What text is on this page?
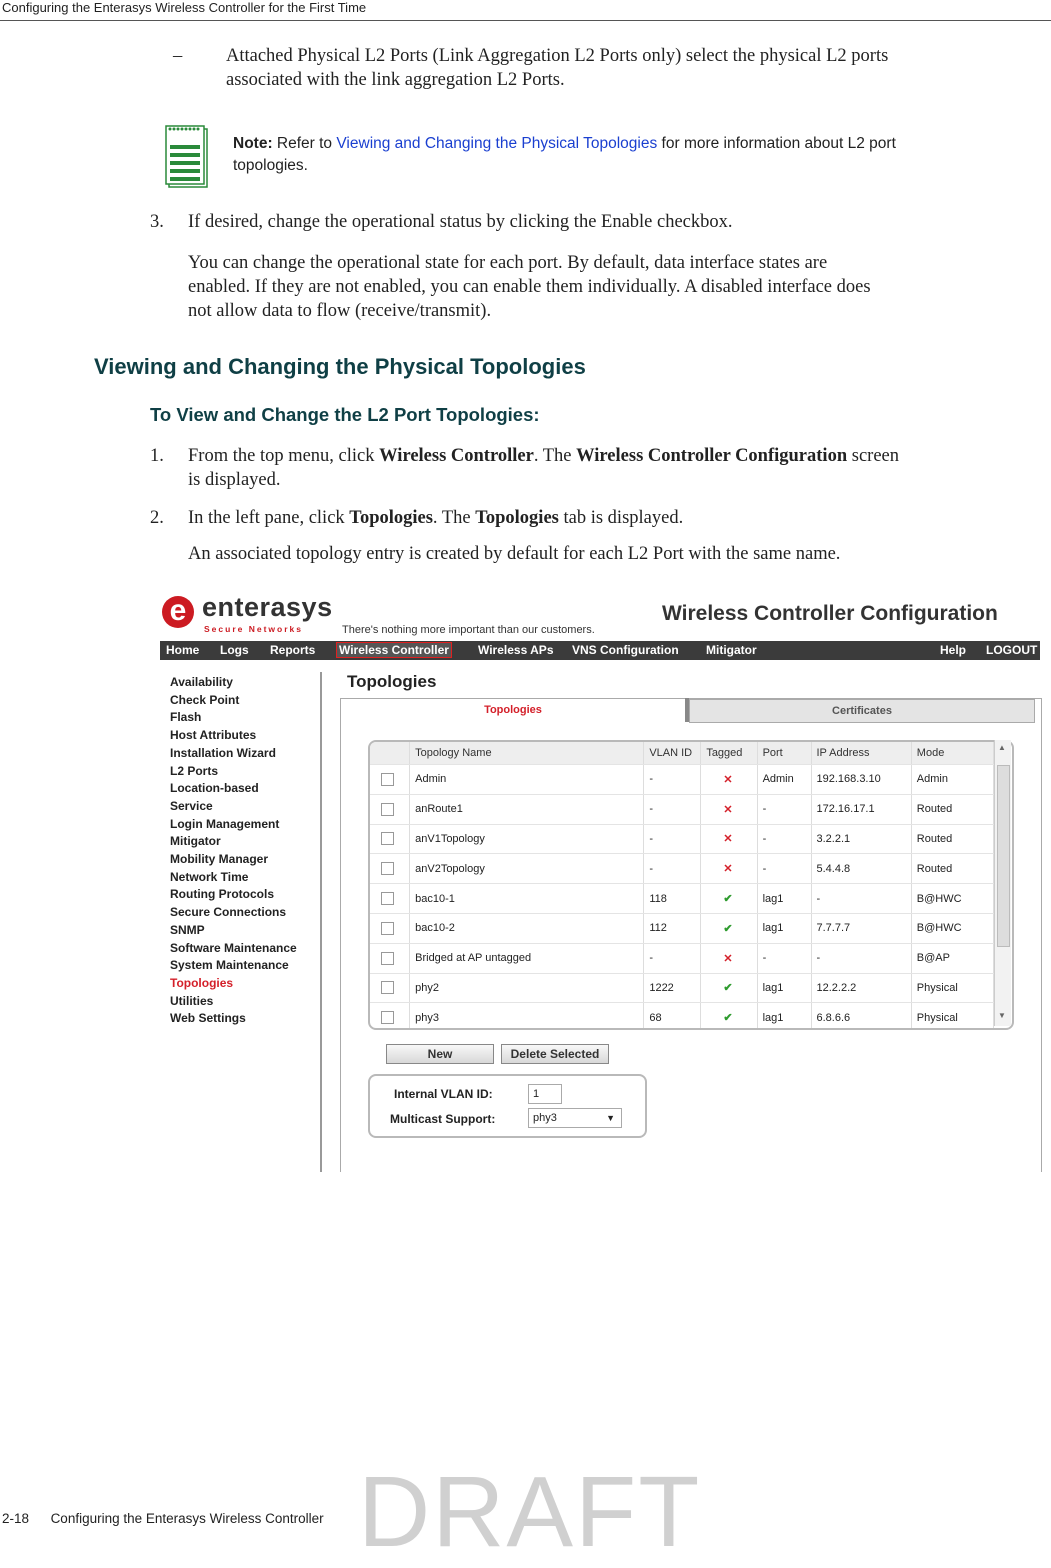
Configuring the Enterasys Wireless Controller for the First Time
– Attached Physical L2 Ports (Link Aggregation L2 Ports only) select the physical L2 ports
associated with the link aggregation L2 Ports.
Note: Refer to Viewing and Changing the Physical Topologies for more information about L2 port
topologies.
3. If desired, change the operational status by clicking the Enable checkbox.
You can change the operational state for each port. By default, data interface states are
enabled. If they are not enabled, you can enable them individually. A disabled interface does
not allow data to flow (receive/transmit).
Viewing and Changing the Physical Topologies
To View and Change the L2 Port Topologies:
1. From the top menu, click Wireless Controller. The Wireless Controller Configuration screen
is displayed.
2. In the left pane, click Topologies. The Topologies tab is displayed.
An associated topology entry is created by default for each L2 Port with the same name.
e enterasys
Secure Networks	There's nothing more important than our customers.
Wireless Controller Configuration
Home Logs Reports Wireless Controller Wireless APs VNS Configuration Mitigator	Help LOGOUT
Availability
Check Point
Flash
Host Attributes
Installation Wizard
L2 Ports
Location-based
Service
Login Management
Mitigator
Mobility Manager
Network Time
Routing Protocols
Secure Connections
SNMP
Software Maintenance
System Maintenance
Topologies
Utilities
Web Settings
Topologies
Topologies	Certificates
	Topology Name	VLAN ID	Tagged	Port	IP Address	Mode
	Admin	-	✕	Admin	192.168.3.10	Admin
	anRoute1	-	✕	-	172.16.17.1	Routed
	anV1Topology	-	✕	-	3.2.2.1	Routed
	anV2Topology	-	✕	-	5.4.4.8	Routed
	bac10-1	118	✔	lag1	-	B@HWC
	bac10-2	112	✔	lag1	7.7.7.7	B@HWC
	Bridged at AP untagged	-	✕	-	-	B@AP
	phy2	1222	✔	lag1	12.2.2.2	Physical
	phy3	68	✔	lag1	6.8.6.6	Physical
▲
▼
New	Delete Selected
Internal VLAN ID:	1
Multicast Support:	phy3	▼
2-18 Configuring the Enterasys Wireless Controller DRAFT
